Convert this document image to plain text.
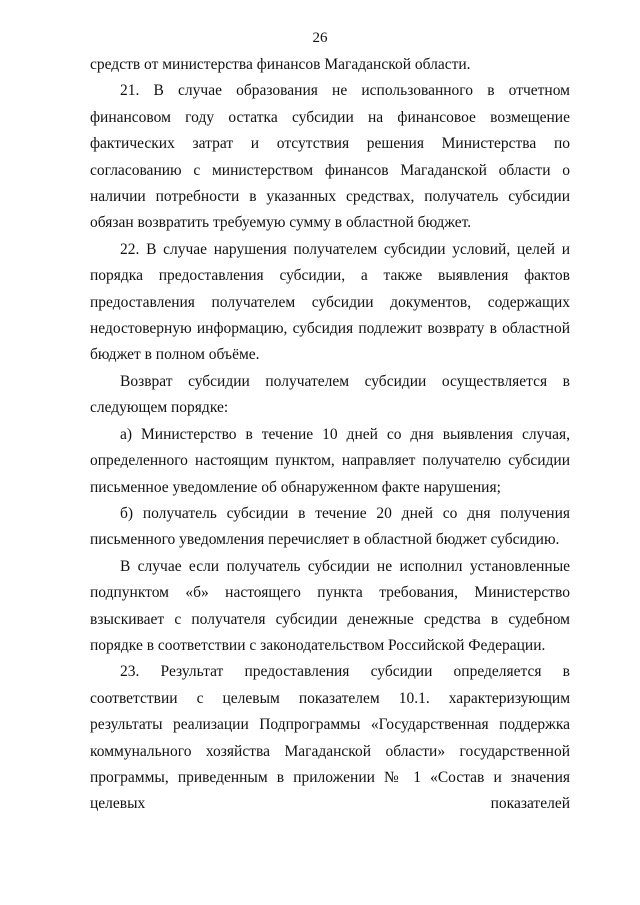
26

средств от министерства финансов Магаданской области.

21. В случае образования не использованного в отчетном финансовом году остатка субсидии на финансовое возмещение фактических затрат и отсутствия решения Министерства по согласованию с министерством финансов Магаданской области о наличии потребности в указанных средствах, получатель субсидии обязан возвратить требуемую сумму в областной бюджет.

22. В случае нарушения получателем субсидии условий, целей и порядка предоставления субсидии, а также выявления фактов предоставления получателем субсидии документов, содержащих недостоверную информацию, субсидия подлежит возврату в областной бюджет в полном объёме.

Возврат субсидии получателем субсидии осуществляется в следующем порядке:

а) Министерство в течение 10 дней со дня выявления случая, определенного настоящим пунктом, направляет получателю субсидии письменное уведомление об обнаруженном факте нарушения;

б) получатель субсидии в течение 20 дней со дня получения письменного уведомления перечисляет в областной бюджет субсидию.

В случае если получатель субсидии не исполнил установленные подпунктом «б» настоящего пункта требования, Министерство взыскивает с получателя субсидии денежные средства в судебном порядке в соответствии с законодательством Российской Федерации.

23. Результат предоставления субсидии определяется в соответствии с целевым показателем 10.1. характеризующим результаты реализации Подпрограммы «Государственная поддержка коммунального хозяйства Магаданской области» государственной программы, приведенным в приложении № 1 «Состав и значения целевых показателей
